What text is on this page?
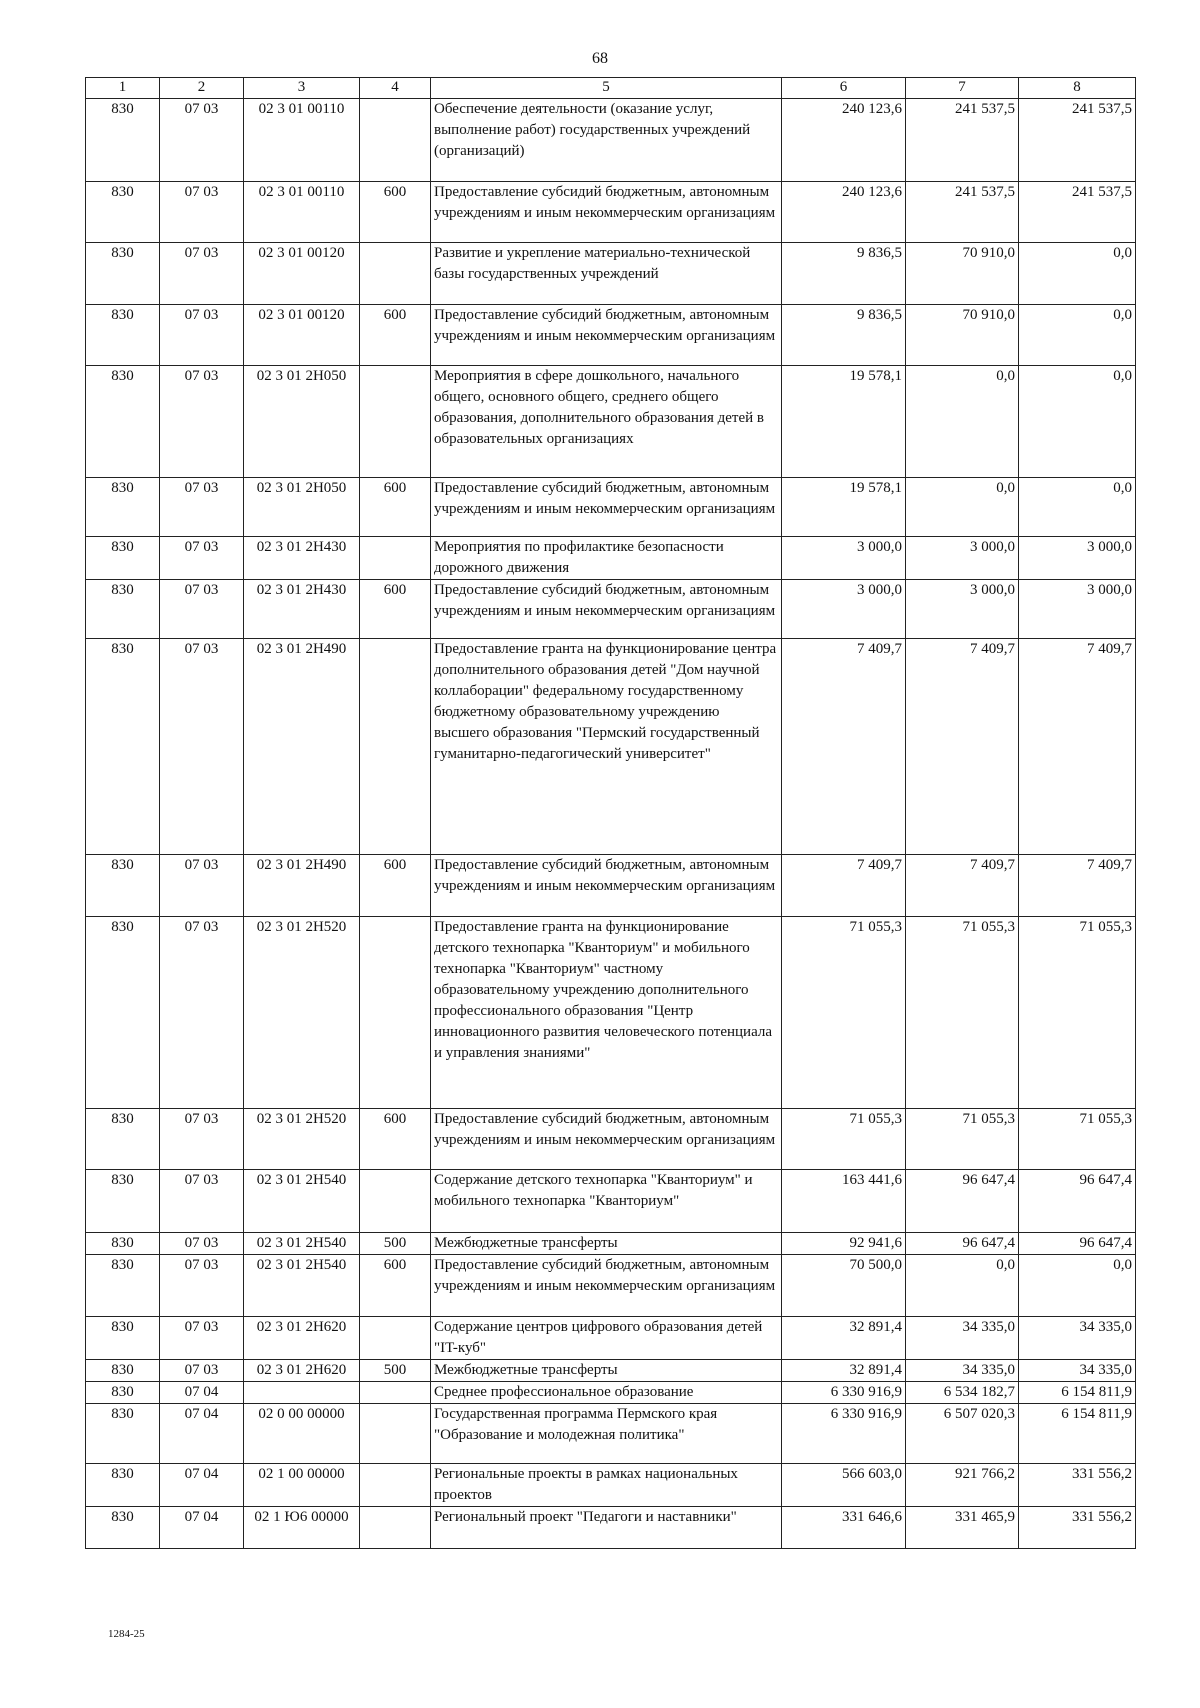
68
1	2	3	4	5	6	7	8
830	07 03	02 3 01 00110		Обеспечение деятельности (оказание услуг, выполнение работ) государственных учреждений (организаций)	240 123,6	241 537,5	241 537,5
830	07 03	02 3 01 00110	600	Предоставление субсидий бюджетным, автономным учреждениям и иным некоммерческим организациям	240 123,6	241 537,5	241 537,5
830	07 03	02 3 01 00120		Развитие и укрепление материально-технической базы государственных учреждений	9 836,5	70 910,0	0,0
830	07 03	02 3 01 00120	600	Предоставление субсидий бюджетным, автономным учреждениям и иным некоммерческим организациям	9 836,5	70 910,0	0,0
830	07 03	02 3 01 2Н050		Мероприятия в сфере дошкольного, начального общего, основного общего, среднего общего образования, дополнительного образования детей в образовательных организациях	19 578,1	0,0	0,0
830	07 03	02 3 01 2Н050	600	Предоставление субсидий бюджетным, автономным учреждениям и иным некоммерческим организациям	19 578,1	0,0	0,0
830	07 03	02 3 01 2Н430		Мероприятия по профилактике безопасности дорожного движения	3 000,0	3 000,0	3 000,0
830	07 03	02 3 01 2Н430	600	Предоставление субсидий бюджетным, автономным учреждениям и иным некоммерческим организациям	3 000,0	3 000,0	3 000,0
830	07 03	02 3 01 2Н490		Предоставление гранта на функционирование центра дополнительного образования детей "Дом научной коллаборации" федеральному государственному бюджетному образовательному учреждению высшего образования "Пермский государственный гуманитарно-педагогический университет"	7 409,7	7 409,7	7 409,7
830	07 03	02 3 01 2Н490	600	Предоставление субсидий бюджетным, автономным учреждениям и иным некоммерческим организациям	7 409,7	7 409,7	7 409,7
830	07 03	02 3 01 2Н520		Предоставление гранта на функционирование детского технопарка "Кванториум" и мобильного технопарка "Кванториум" частному образовательному учреждению дополнительного профессионального образования "Центр инновационного развития человеческого потенциала и управления знаниями"	71 055,3	71 055,3	71 055,3
830	07 03	02 3 01 2Н520	600	Предоставление субсидий бюджетным, автономным учреждениям и иным некоммерческим организациям	71 055,3	71 055,3	71 055,3
830	07 03	02 3 01 2Н540		Содержание детского технопарка "Кванториум" и мобильного технопарка "Кванториум"	163 441,6	96 647,4	96 647,4
830	07 03	02 3 01 2Н540	500	Межбюджетные трансферты	92 941,6	96 647,4	96 647,4
830	07 03	02 3 01 2Н540	600	Предоставление субсидий бюджетным, автономным учреждениям и иным некоммерческим организациям	70 500,0	0,0	0,0
830	07 03	02 3 01 2Н620		Содержание центров цифрового образования детей "IT-куб"	32 891,4	34 335,0	34 335,0
830	07 03	02 3 01 2Н620	500	Межбюджетные трансферты	32 891,4	34 335,0	34 335,0
830	07 04			Среднее профессиональное образование	6 330 916,9	6 534 182,7	6 154 811,9
830	07 04	02 0 00 00000		Государственная программа Пермского края "Образование и молодежная политика"	6 330 916,9	6 507 020,3	6 154 811,9
830	07 04	02 1 00 00000		Региональные проекты в рамках национальных проектов	566 603,0	921 766,2	331 556,2
830	07 04	02 1 Ю6 00000		Региональный проект "Педагоги и наставники"	331 646,6	331 465,9	331 556,2
1284-25
